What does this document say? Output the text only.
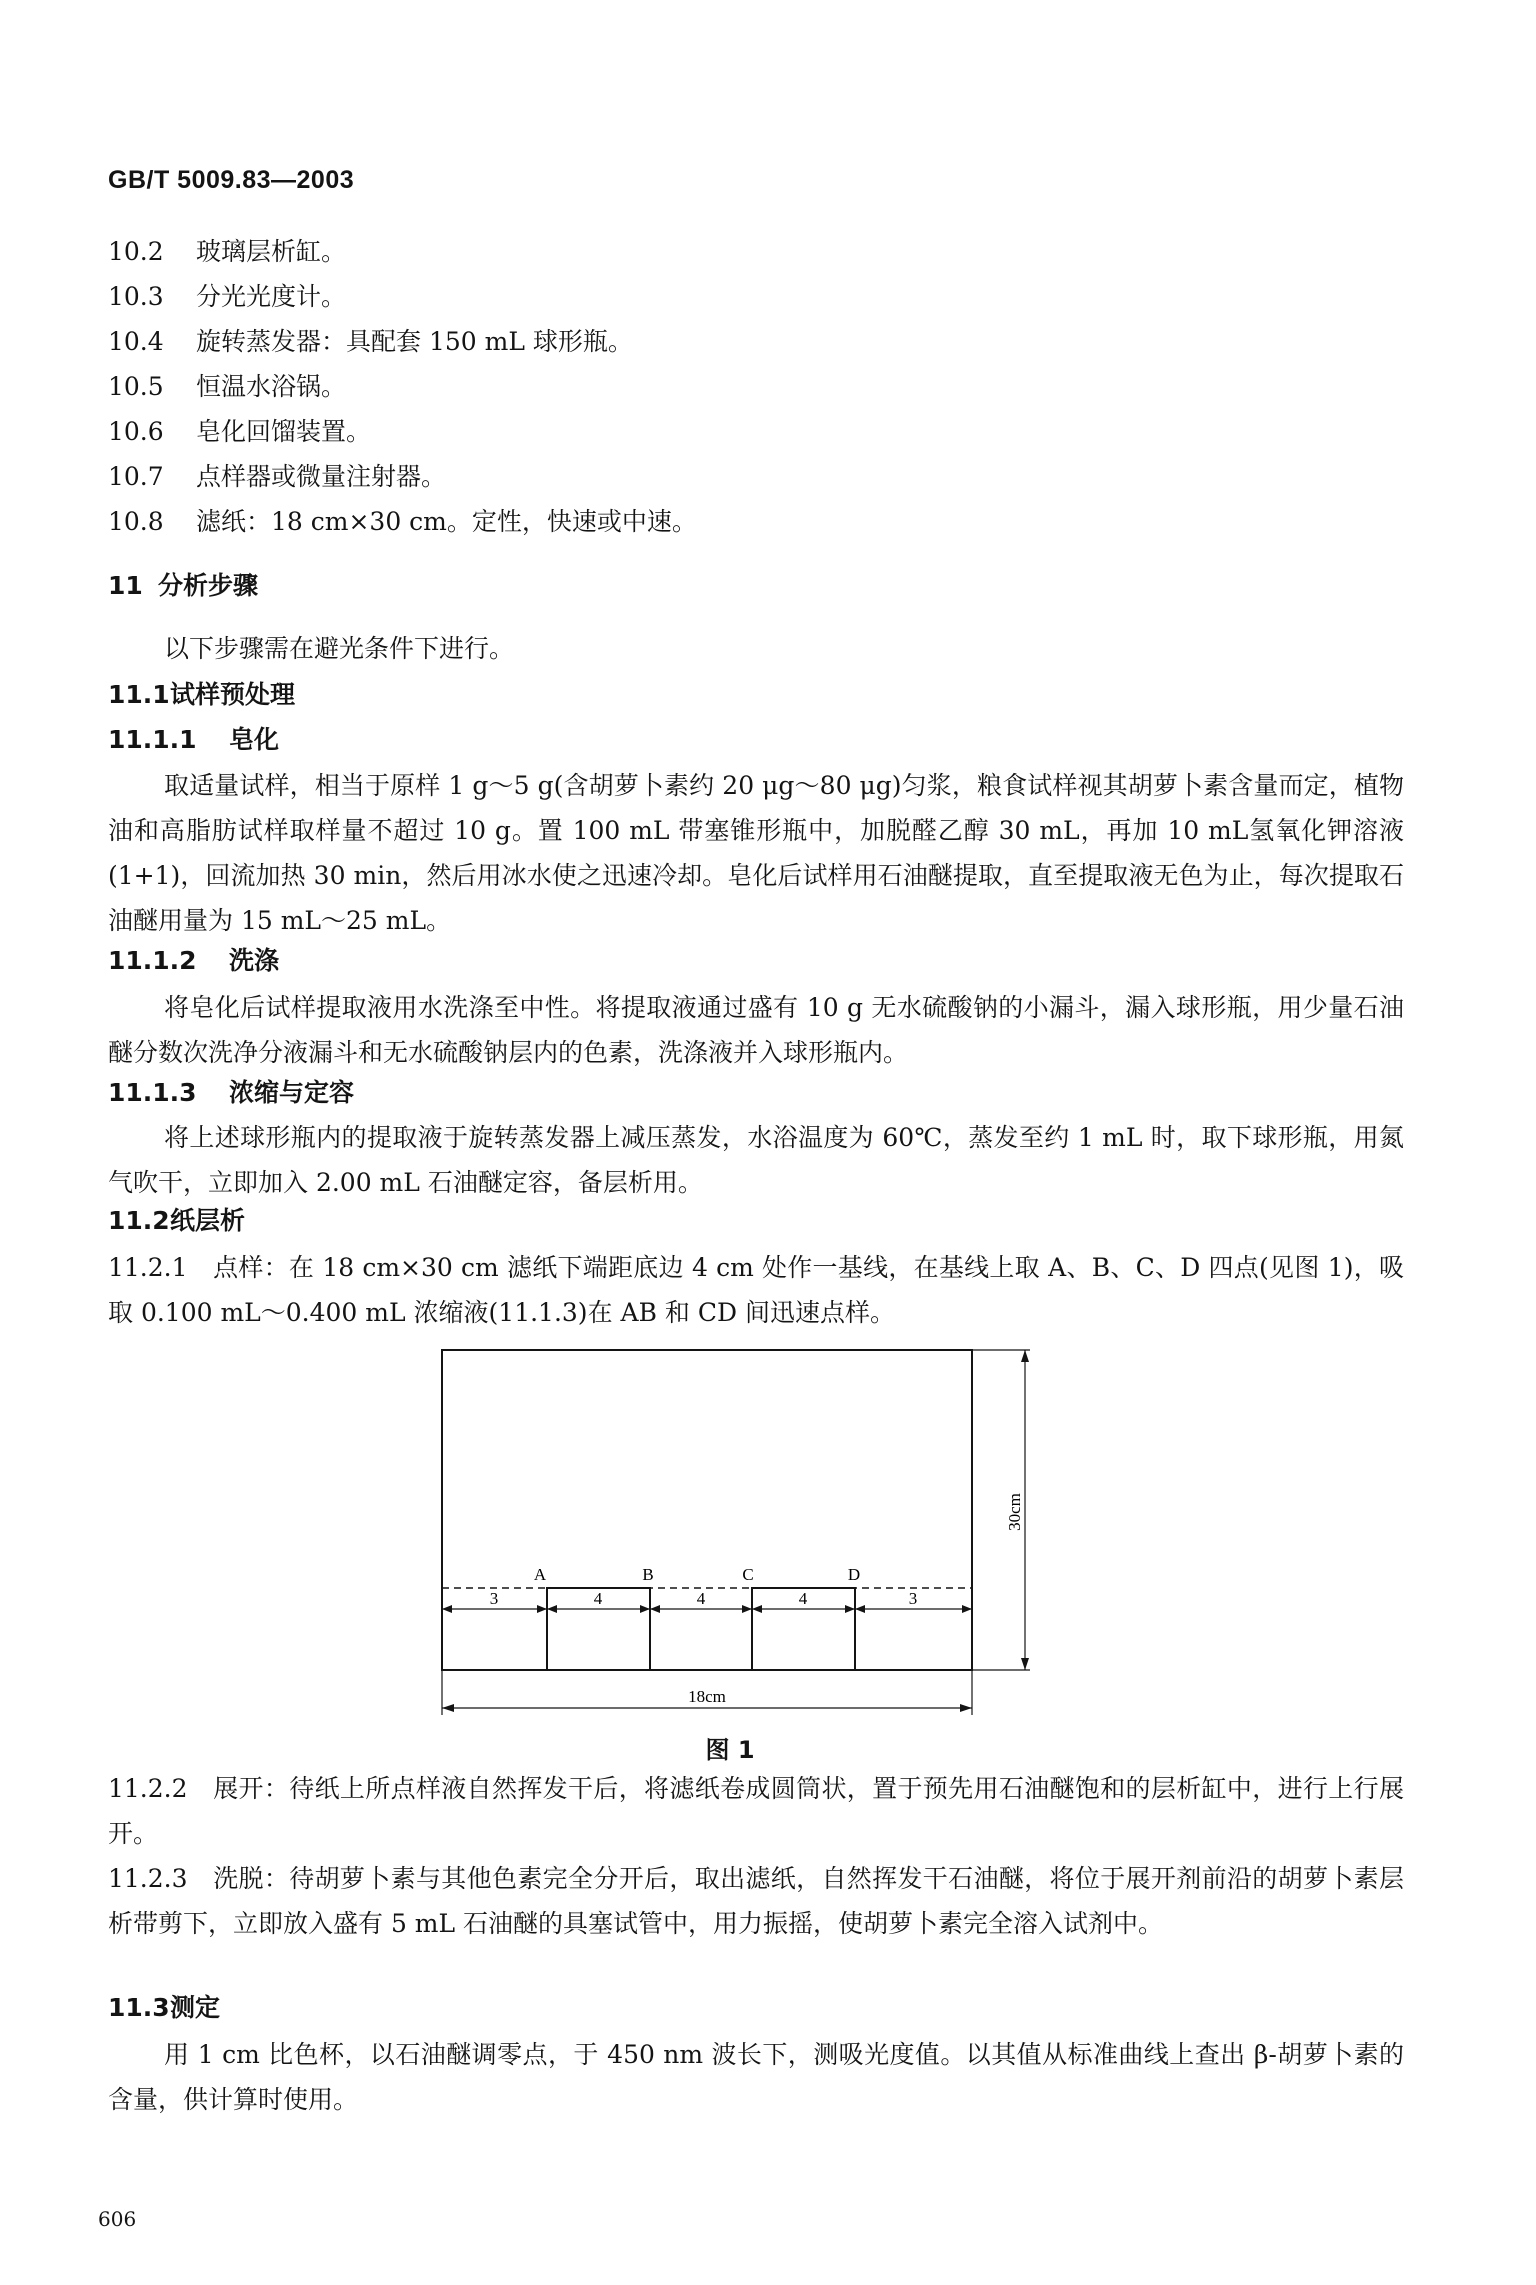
GB/T 5009.83—2003
10.2 玻璃层析缸。
10.3 分光光度计。
10.4 旋转蒸发器：具配套 150 mL 球形瓶。
10.5 恒温水浴锅。
10.6 皂化回馏装置。
10.7 点样器或微量注射器。
10.8 滤纸：18 cm×30 cm。定性，快速或中速。
11 分析步骤
以下步骤需在避光条件下进行。
11.1试样预处理
11.1.1 皂化
取适量试样，相当于原样 1 g～5 g(含胡萝卜素约 20 μg～80 μg)匀浆，粮食试样视其胡萝卜素含量而定，植物油和高脂肪试样取样量不超过 10 g。置 100 mL 带塞锥形瓶中，加脱醛乙醇 30 mL，再加 10 mL氢氧化钾溶液(1+1)，回流加热 30 min，然后用冰水使之迅速冷却。皂化后试样用石油醚提取，直至提取液无色为止，每次提取石油醚用量为 15 mL～25 mL。
11.1.2 洗涤
将皂化后试样提取液用水洗涤至中性。将提取液通过盛有 10 g 无水硫酸钠的小漏斗，漏入球形瓶，用少量石油醚分数次洗净分液漏斗和无水硫酸钠层内的色素，洗涤液并入球形瓶内。
11.1.3 浓缩与定容
将上述球形瓶内的提取液于旋转蒸发器上减压蒸发，水浴温度为 60℃，蒸发至约 1 mL 时，取下球形瓶，用氮气吹干，立即加入 2.00 mL 石油醚定容，备层析用。
11.2纸层析
11.2.1　 点样：在 18 cm×30 cm 滤纸下端距底边 4 cm 处作一基线，在基线上取 A、B、C、D 四点(见图 1)，吸取 0.100 mL～0.400 mL 浓缩液(11.1.3)在 AB 和 CD 间迅速点样。
A	B	C	D
3	4	4	4	3
18cm
30cm
图 1
11.2.2　 展开：待纸上所点样液自然挥发干后，将滤纸卷成圆筒状，置于预先用石油醚饱和的层析缸中，进行上行展开。
11.2.3　 洗脱：待胡萝卜素与其他色素完全分开后，取出滤纸，自然挥发干石油醚，将位于展开剂前沿的胡萝卜素层析带剪下，立即放入盛有 5 mL 石油醚的具塞试管中，用力振摇，使胡萝卜素完全溶入试剂中。
11.3测定
用 1 cm 比色杯，以石油醚调零点，于 450 nm 波长下，测吸光度值。以其值从标准曲线上查出 β-胡萝卜素的含量，供计算时使用。
606
